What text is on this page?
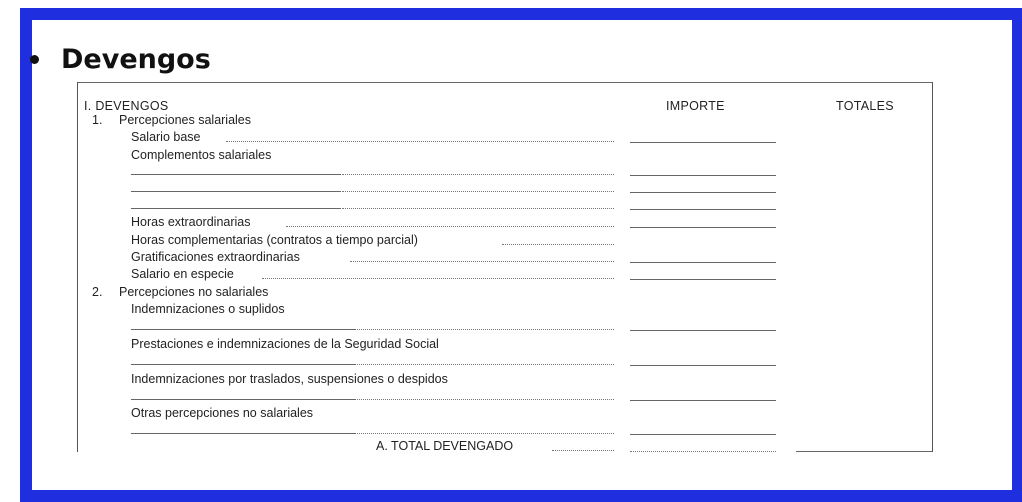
Devengos
I. DEVENGOS	IMPORTE	TOTALES
1. Percepciones salariales
Salario base
Complementos salariales
Horas extraordinarias
Horas complementarias (contratos a tiempo parcial)
Gratificaciones extraordinarias
Salario en especie
2. Percepciones no salariales
Indemnizaciones o suplidos
Prestaciones e indemnizaciones de la Seguridad Social
Indemnizaciones por traslados, suspensiones o despidos
Otras percepciones no salariales
A. TOTAL DEVENGADO
